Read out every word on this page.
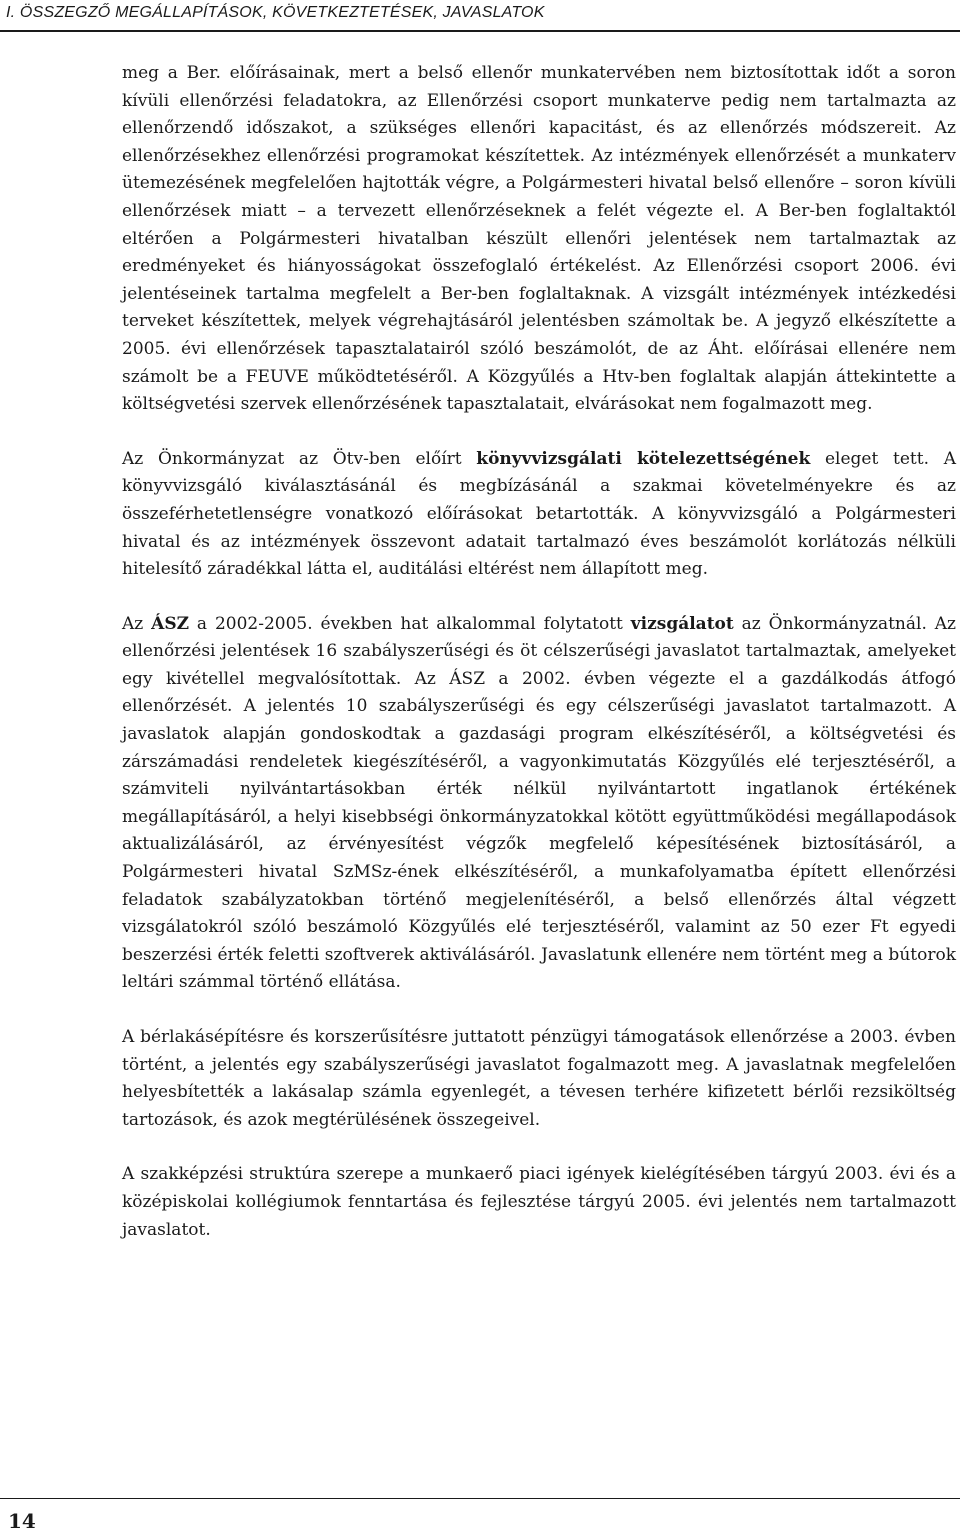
I. ÖSSZEGZŐ MEGÁLLAPÍTÁSOK, KÖVETKEZTETÉSEK, JAVASLATOK

meg a Ber. előírásainak, mert a belső ellenőr munkatervében nem biztosítottak időt a soron kívüli ellenőrzési feladatokra, az Ellenőrzési csoport munkaterve pedig nem tartalmazta az ellenőrzendő időszakot, a szükséges ellenőri kapacitást, és az ellenőrzés módszereit. Az ellenőrzésekhez ellenőrzési programokat készítettek. Az intézmények ellenőrzését a munkaterv ütemezésének megfelelően hajtották végre, a Polgármesteri hivatal belső ellenőre – soron kívüli ellenőrzések miatt – a tervezett ellenőrzéseknek a felét végezte el. A Ber-ben foglaltaktól eltérően a Polgármesteri hivatalban készült ellenőri jelentések nem tartalmaztak az eredményeket és hiányosságokat összefoglaló értékelést. Az Ellenőrzési csoport 2006. évi jelentéseinek tartalma megfelelt a Ber-ben foglaltaknak. A vizsgált intézmények intézkedési terveket készítettek, melyek végrehajtásáról jelentésben számoltak be. A jegyző elkészítette a 2005. évi ellenőrzések tapasztalatairól szóló beszámolót, de az Áht. előírásai ellenére nem számolt be a FEUVE működtetéséről. A Közgyűlés a Htv-ben foglaltak alapján áttekintette a költségvetési szervek ellenőrzésének tapasztalatait, elvárásokat nem fogalmazott meg.

Az Önkormányzat az Ötv-ben előírt könyvvizsgálati kötelezettségének eleget tett. A könyvvizsgáló kiválasztásánál és megbízásánál a szakmai követelményekre és az összeférhetetlenségre vonatkozó előírásokat betartották. A könyvvizsgáló a Polgármesteri hivatal és az intézmények összevont adatait tartalmazó éves beszámolót korlátozás nélküli hitelesítő záradékkal látta el, auditálási eltérést nem állapított meg.

Az ÁSZ a 2002-2005. években hat alkalommal folytatott vizsgálatot az Önkormányzatnál. Az ellenőrzési jelentések 16 szabályszerűségi és öt célszerűségi javaslatot tartalmaztak, amelyeket egy kivétellel megvalósítottak. Az ÁSZ a 2002. évben végezte el a gazdálkodás átfogó ellenőrzését. A jelentés 10 szabályszerűségi és egy célszerűségi javaslatot tartalmazott. A javaslatok alapján gondoskodtak a gazdasági program elkészítéséről, a költségvetési és zárszámadási rendeletek kiegészítéséről, a vagyonkimutatás Közgyűlés elé terjesztéséről, a számviteli nyilvántartásokban érték nélkül nyilvántartott ingatlanok értékének megállapításáról, a helyi kisebbségi önkormányzatokkal kötött együttműködési megállapodások aktualizálásáról, az érvényesítést végzők megfelelő képesítésének biztosításáról, a Polgármesteri hivatal SzMSz-ének elkészítéséről, a munkafolyamatba épített ellenőrzési feladatok szabályzatokban történő megjelenítéséről, a belső ellenőrzés által végzett vizsgálatokról szóló beszámoló Közgyűlés elé terjesztéséről, valamint az 50 ezer Ft egyedi beszerzési érték feletti szoftverek aktiválásáról. Javaslatunk ellenére nem történt meg a bútorok leltári számmal történő ellátása.

A bérlakásépítésre és korszerűsítésre juttatott pénzügyi támogatások ellenőrzése a 2003. évben történt, a jelentés egy szabályszerűségi javaslatot fogalmazott meg. A javaslatnak megfelelően helyesbítették a lakásalap számla egyenlegét, a tévesen terhére kifizetett bérlői rezsiköltség tartozások, és azok megtérülésének összegeivel.

A szakképzési struktúra szerepe a munkaerő piaci igények kielégítésében tárgyú 2003. évi és a középiskolai kollégiumok fenntartása és fejlesztése tárgyú 2005. évi jelentés nem tartalmazott javaslatot.

14
